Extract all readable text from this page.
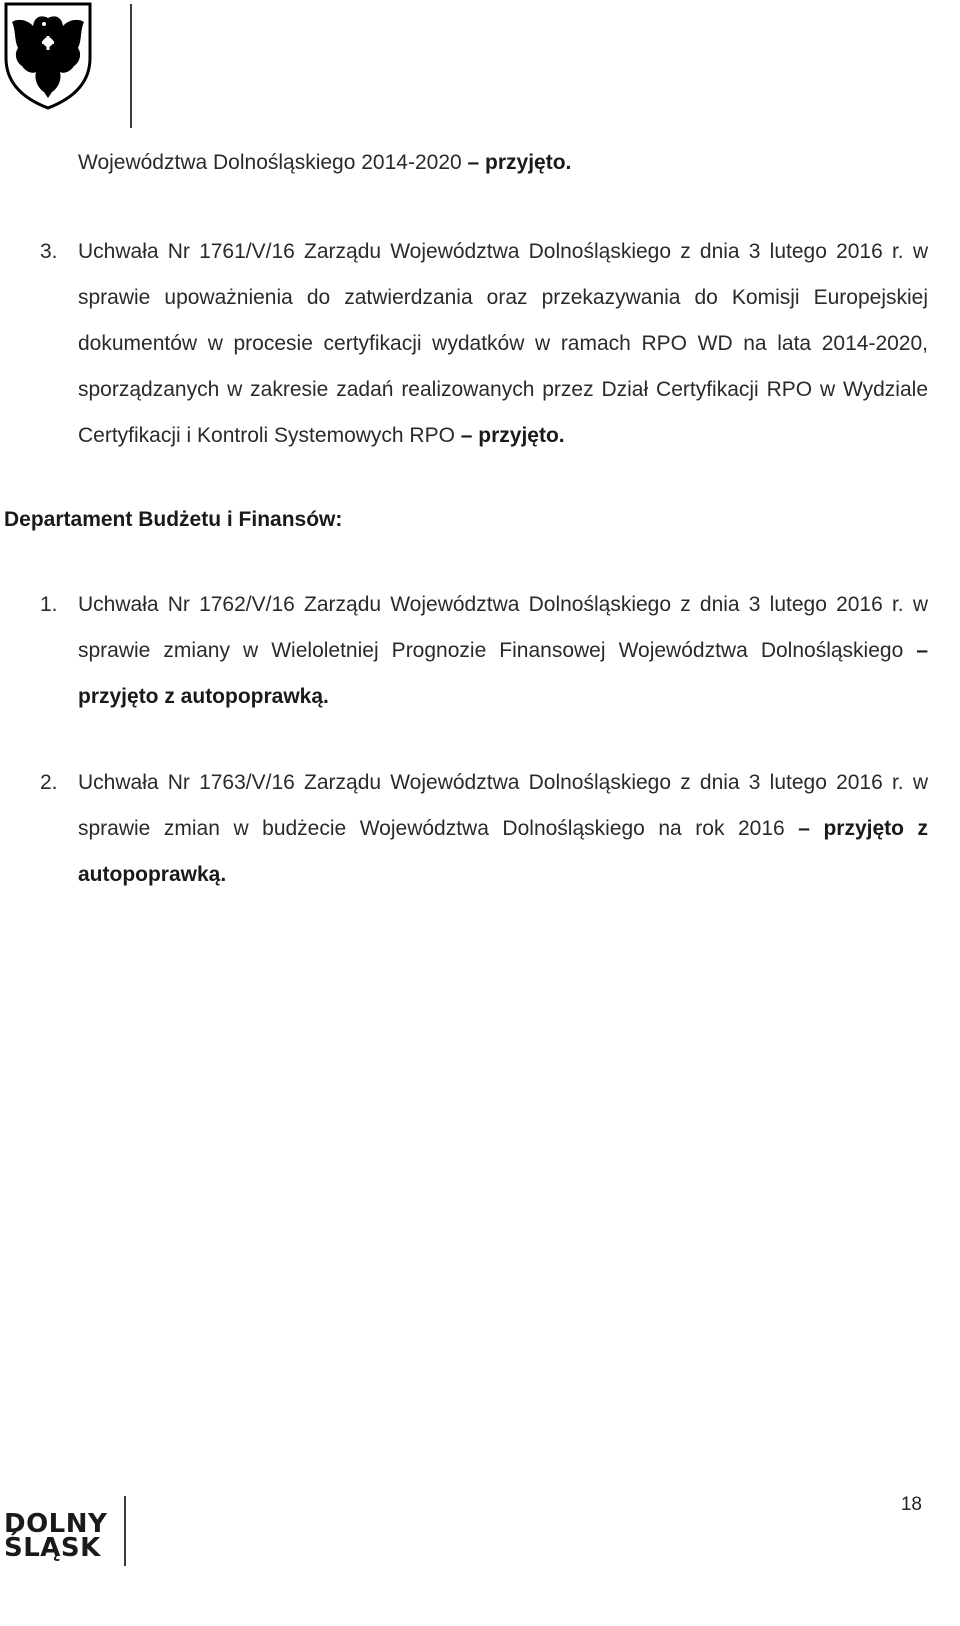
Województwa Dolnośląskiego 2014-2020 – przyjęto.
3. Uchwała Nr 1761/V/16 Zarządu Województwa Dolnośląskiego z dnia 3 lutego 2016 r. w sprawie upoważnienia do zatwierdzania oraz przekazywania do Komisji Europejskiej dokumentów w procesie certyfikacji wydatków w ramach RPO WD na lata 2014-2020, sporządzanych w zakresie zadań realizowanych przez Dział Certyfikacji RPO w Wydziale Certyfikacji i Kontroli Systemowych RPO – przyjęto.
Departament Budżetu i Finansów:
1. Uchwała Nr 1762/V/16 Zarządu Województwa Dolnośląskiego z dnia 3 lutego 2016 r. w sprawie zmiany w Wieloletniej Prognozie Finansowej Województwa Dolnośląskiego – przyjęto z autopoprawką.
2. Uchwała Nr 1763/V/16 Zarządu Województwa Dolnośląskiego z dnia 3 lutego 2016 r. w sprawie zmian w budżecie Województwa Dolnośląskiego na rok 2016 – przyjęto z autopoprawką.
18
DOLNY
ŚLĄSK
